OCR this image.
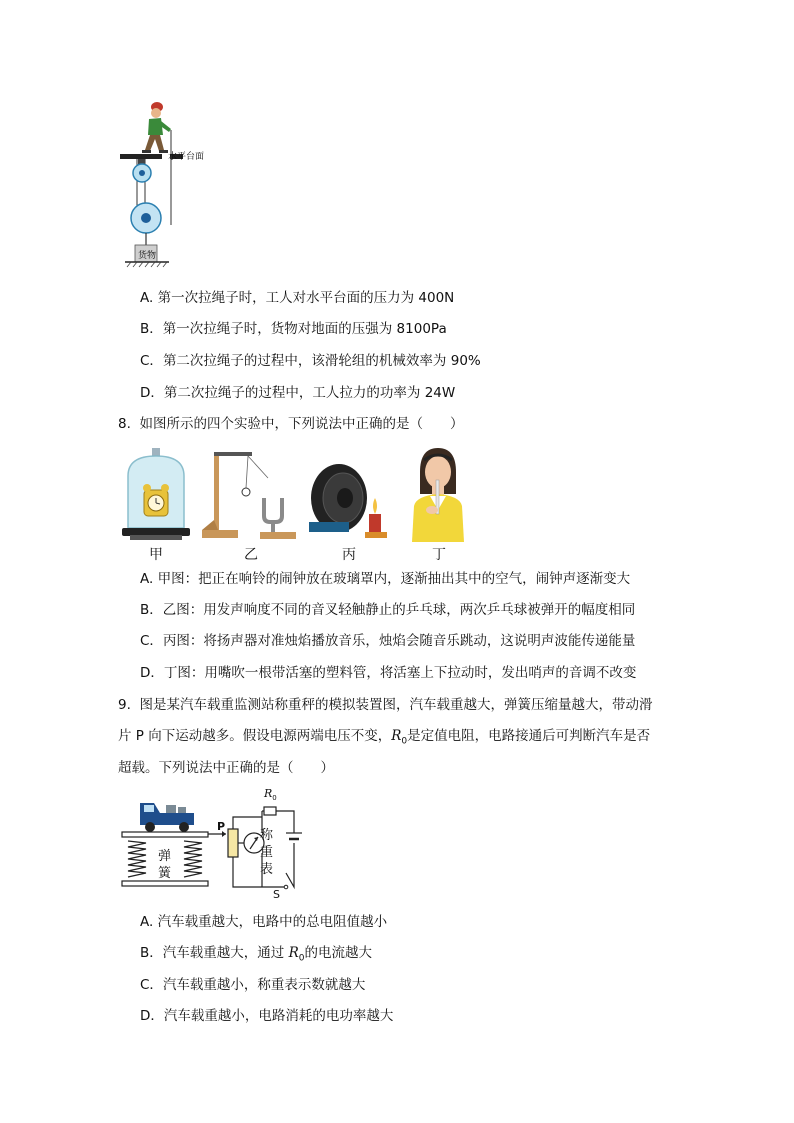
水平台面
货物
A. 第一次拉绳子时，工人对水平台面的压力为 400N
B．第一次拉绳子时，货物对地面的压强为 8100Pa
C．第二次拉绳子的过程中，该滑轮组的机械效率为 90%
D．第二次拉绳子的过程中，工人拉力的功率为 24W
8. 如图所示的四个实验中，下列说法中正确的是（　　）
甲	乙	丙	丁
A. 甲图：把正在响铃的闹钟放在玻璃罩内，逐渐抽出其中的空气，闹钟声逐渐变大
B．乙图：用发声响度不同的音叉轻触静止的乒乓球，两次乒乓球被弹开的幅度相同
C．丙图：将扬声器对准烛焰播放音乐，烛焰会随音乐跳动，这说明声波能传递能量
D．丁图：用嘴吹一根带活塞的塑料管，将活塞上下拉动时，发出哨声的音调不改变
9. 图是某汽车载重监测站称重秤的模拟装置图，汽车载重越大，弹簧压缩量越大，带动滑
片 P 向下运动越多。假设电源两端电压不变，$R_0$是定值电阻，电路接通后可判断汽车是否
超载。下列说法中正确的是（　　）
$R_0$
P
称
重
表
弹
簧
S
A. 汽车载重越大，电路中的总电阻值越小
B．汽车载重越大，通过 $R_0$的电流越大
C．汽车载重越小，称重表示数就越大
D．汽车载重越小，电路消耗的电功率越大
